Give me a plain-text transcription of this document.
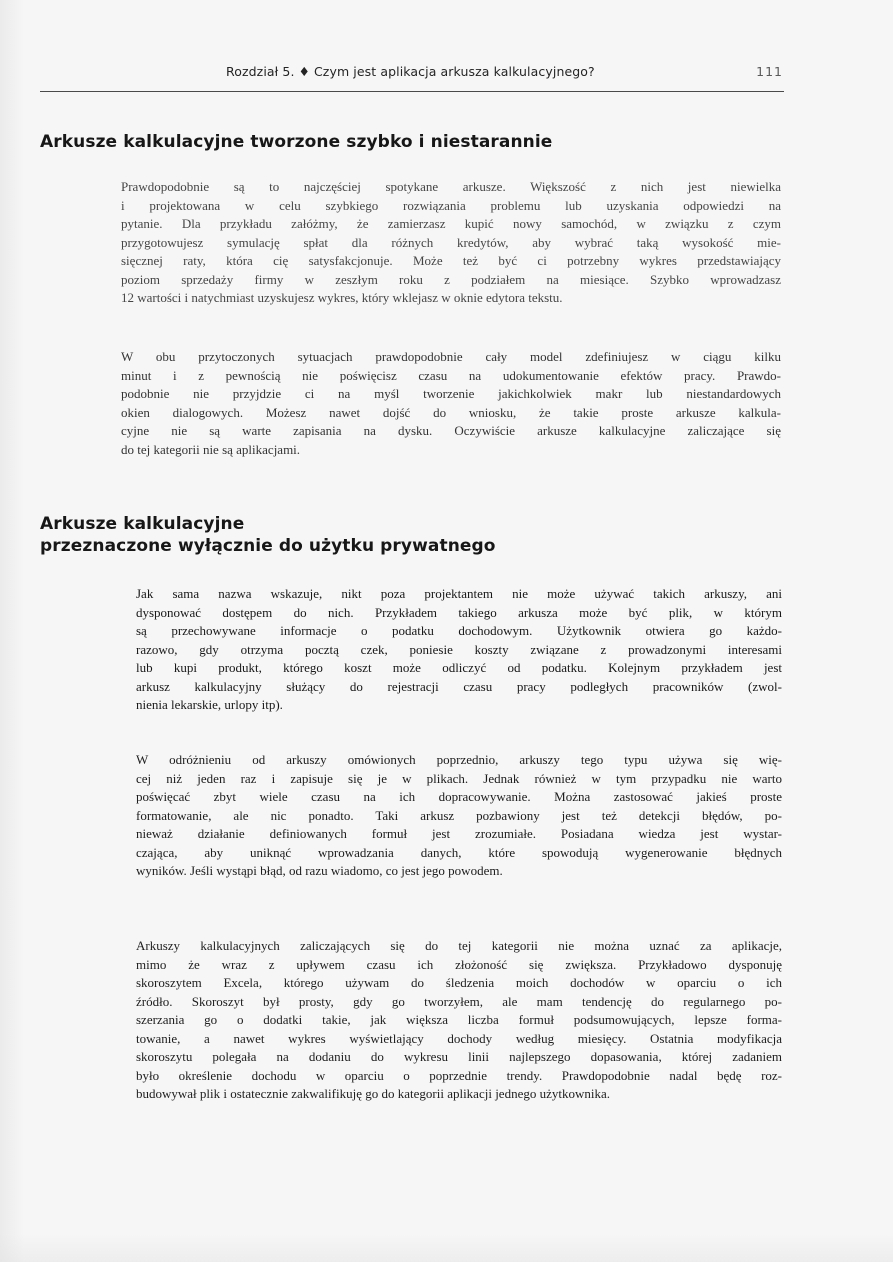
Rozdział 5. ♦ Czym jest aplikacja arkusza kalkulacyjnego?	111
Arkusze kalkulacyjne tworzone szybko i niestarannie

Prawdopodobnie są to najczęściej spotykane arkusze. Większość z nich jest niewielka
i projektowana w celu szybkiego rozwiązania problemu lub uzyskania odpowiedzi na
pytanie. Dla przykładu załóżmy, że zamierzasz kupić nowy samochód, w związku z czym
przygotowujesz symulację spłat dla różnych kredytów, aby wybrać taką wysokość mie-
sięcznej raty, która cię satysfakcjonuje. Może też być ci potrzebny wykres przedstawiający
poziom sprzedaży firmy w zeszłym roku z podziałem na miesiące. Szybko wprowadzasz
12 wartości i natychmiast uzyskujesz wykres, który wklejasz w oknie edytora tekstu.

W obu przytoczonych sytuacjach prawdopodobnie cały model zdefiniujesz w ciągu kilku
minut i z pewnością nie poświęcisz czasu na udokumentowanie efektów pracy. Prawdo-
podobnie nie przyjdzie ci na myśl tworzenie jakichkolwiek makr lub niestandardowych
okien dialogowych. Możesz nawet dojść do wniosku, że takie proste arkusze kalkula-
cyjne nie są warte zapisania na dysku. Oczywiście arkusze kalkulacyjne zaliczające się
do tej kategorii nie są aplikacjami.

Arkusze kalkulacyjne
przeznaczone wyłącznie do użytku prywatnego

Jak sama nazwa wskazuje, nikt poza projektantem nie może używać takich arkuszy, ani
dysponować dostępem do nich. Przykładem takiego arkusza może być plik, w którym
są przechowywane informacje o podatku dochodowym. Użytkownik otwiera go każdo-
razowo, gdy otrzyma pocztą czek, poniesie koszty związane z prowadzonymi interesami
lub kupi produkt, którego koszt może odliczyć od podatku. Kolejnym przykładem jest
arkusz kalkulacyjny służący do rejestracji czasu pracy podległych pracowników (zwol-
nienia lekarskie, urlopy itp).

W odróżnieniu od arkuszy omówionych poprzednio, arkuszy tego typu używa się wię-
cej niż jeden raz i zapisuje się je w plikach. Jednak również w tym przypadku nie warto
poświęcać zbyt wiele czasu na ich dopracowywanie. Można zastosować jakieś proste
formatowanie, ale nic ponadto. Taki arkusz pozbawiony jest też detekcji błędów, po-
nieważ działanie definiowanych formuł jest zrozumiałe. Posiadana wiedza jest wystar-
czająca, aby uniknąć wprowadzania danych, które spowodują wygenerowanie błędnych
wyników. Jeśli wystąpi błąd, od razu wiadomo, co jest jego powodem.

Arkuszy kalkulacyjnych zaliczających się do tej kategorii nie można uznać za aplikacje,
mimo że wraz z upływem czasu ich złożoność się zwiększa. Przykładowo dysponuję
skoroszytem Excela, którego używam do śledzenia moich dochodów w oparciu o ich
źródło. Skoroszyt był prosty, gdy go tworzyłem, ale mam tendencję do regularnego po-
szerzania go o dodatki takie, jak większa liczba formuł podsumowujących, lepsze forma-
towanie, a nawet wykres wyświetlający dochody według miesięcy. Ostatnia modyfikacja
skoroszytu polegała na dodaniu do wykresu linii najlepszego dopasowania, której zadaniem
było określenie dochodu w oparciu o poprzednie trendy. Prawdopodobnie nadal będę roz-
budowywał plik i ostatecznie zakwalifikuję go do kategorii aplikacji jednego użytkownika.
